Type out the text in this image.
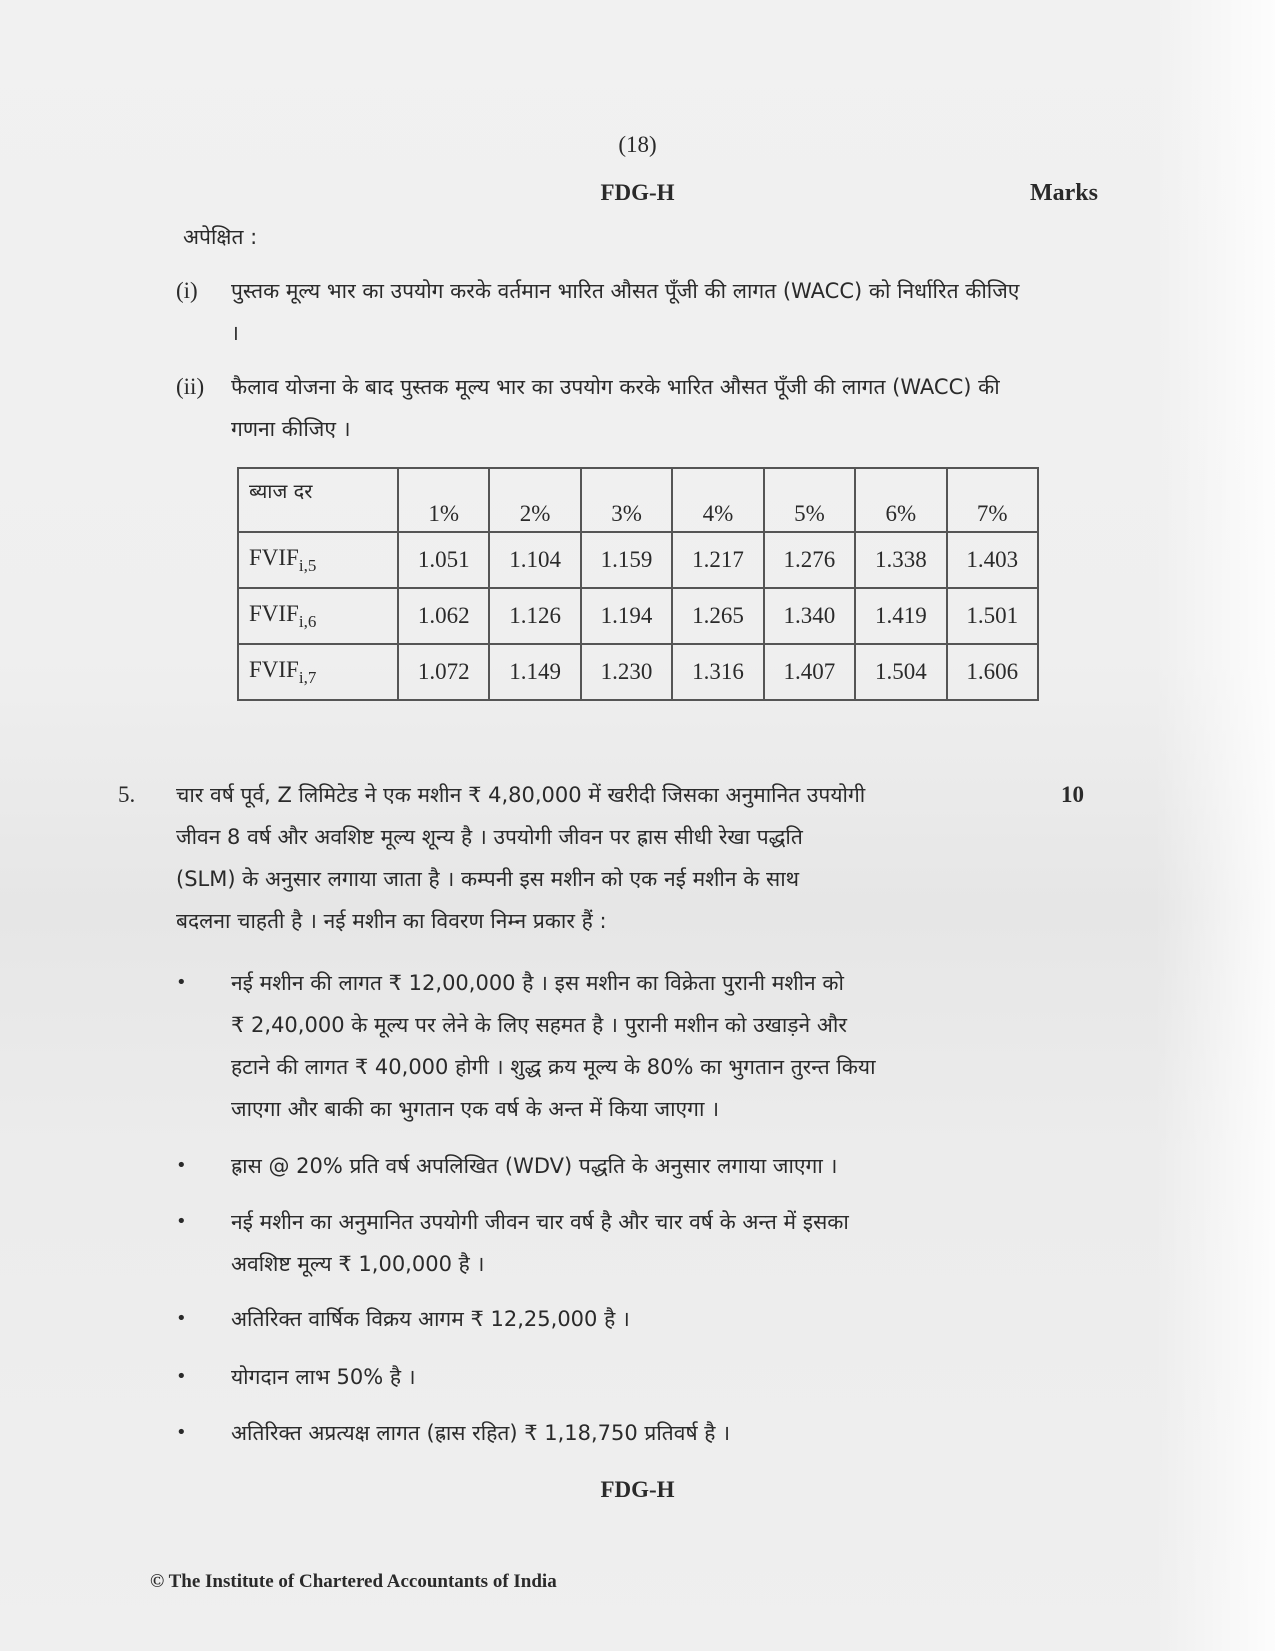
(18)
FDG-H	Marks
अपेक्षित :
(i) पुस्तक मूल्य भार का उपयोग करके वर्तमान भारित औसत पूँजी की लागत (WACC) को निर्धारित कीजिए ।
(ii) फैलाव योजना के बाद पुस्तक मूल्य भार का उपयोग करके भारित औसत पूँजी की लागत (WACC) की गणना कीजिए ।
ब्याज दर	1%	2%	3%	4%	5%	6%	7%
$FVIF_{i,5}$	1.051	1.104	1.159	1.217	1.276	1.338	1.403
$FVIF_{i,6}$	1.062	1.126	1.194	1.265	1.340	1.419	1.501
$FVIF_{i,7}$	1.072	1.149	1.230	1.316	1.407	1.504	1.606
5.	10
चार वर्ष पूर्व, Z लिमिटेड ने एक मशीन ₹ 4,80,000 में खरीदी जिसका अनुमानित उपयोगी
जीवन 8 वर्ष और अवशिष्ट मूल्य शून्य है । उपयोगी जीवन पर ह्रास सीधी रेखा पद्धति
(SLM) के अनुसार लगाया जाता है । कम्पनी इस मशीन को एक नई मशीन के साथ
बदलना चाहती है । नई मशीन का विवरण निम्न प्रकार हैं :
• नई मशीन की लागत ₹ 12,00,000 है । इस मशीन का विक्रेता पुरानी मशीन को
₹ 2,40,000 के मूल्य पर लेने के लिए सहमत है । पुरानी मशीन को उखाड़ने और
हटाने की लागत ₹ 40,000 होगी । शुद्ध क्रय मूल्य के 80% का भुगतान तुरन्त किया
जाएगा और बाकी का भुगतान एक वर्ष के अन्त में किया जाएगा ।
• ह्रास @ 20% प्रति वर्ष अपलिखित (WDV) पद्धति के अनुसार लगाया जाएगा ।
• नई मशीन का अनुमानित उपयोगी जीवन चार वर्ष है और चार वर्ष के अन्त में इसका
अवशिष्ट मूल्य ₹ 1,00,000 है ।
• अतिरिक्त वार्षिक विक्रय आगम ₹ 12,25,000 है ।
• योगदान लाभ 50% है ।
• अतिरिक्त अप्रत्यक्ष लागत (ह्रास रहित) ₹ 1,18,750 प्रतिवर्ष है ।
FDG-H
© The Institute of Chartered Accountants of India
